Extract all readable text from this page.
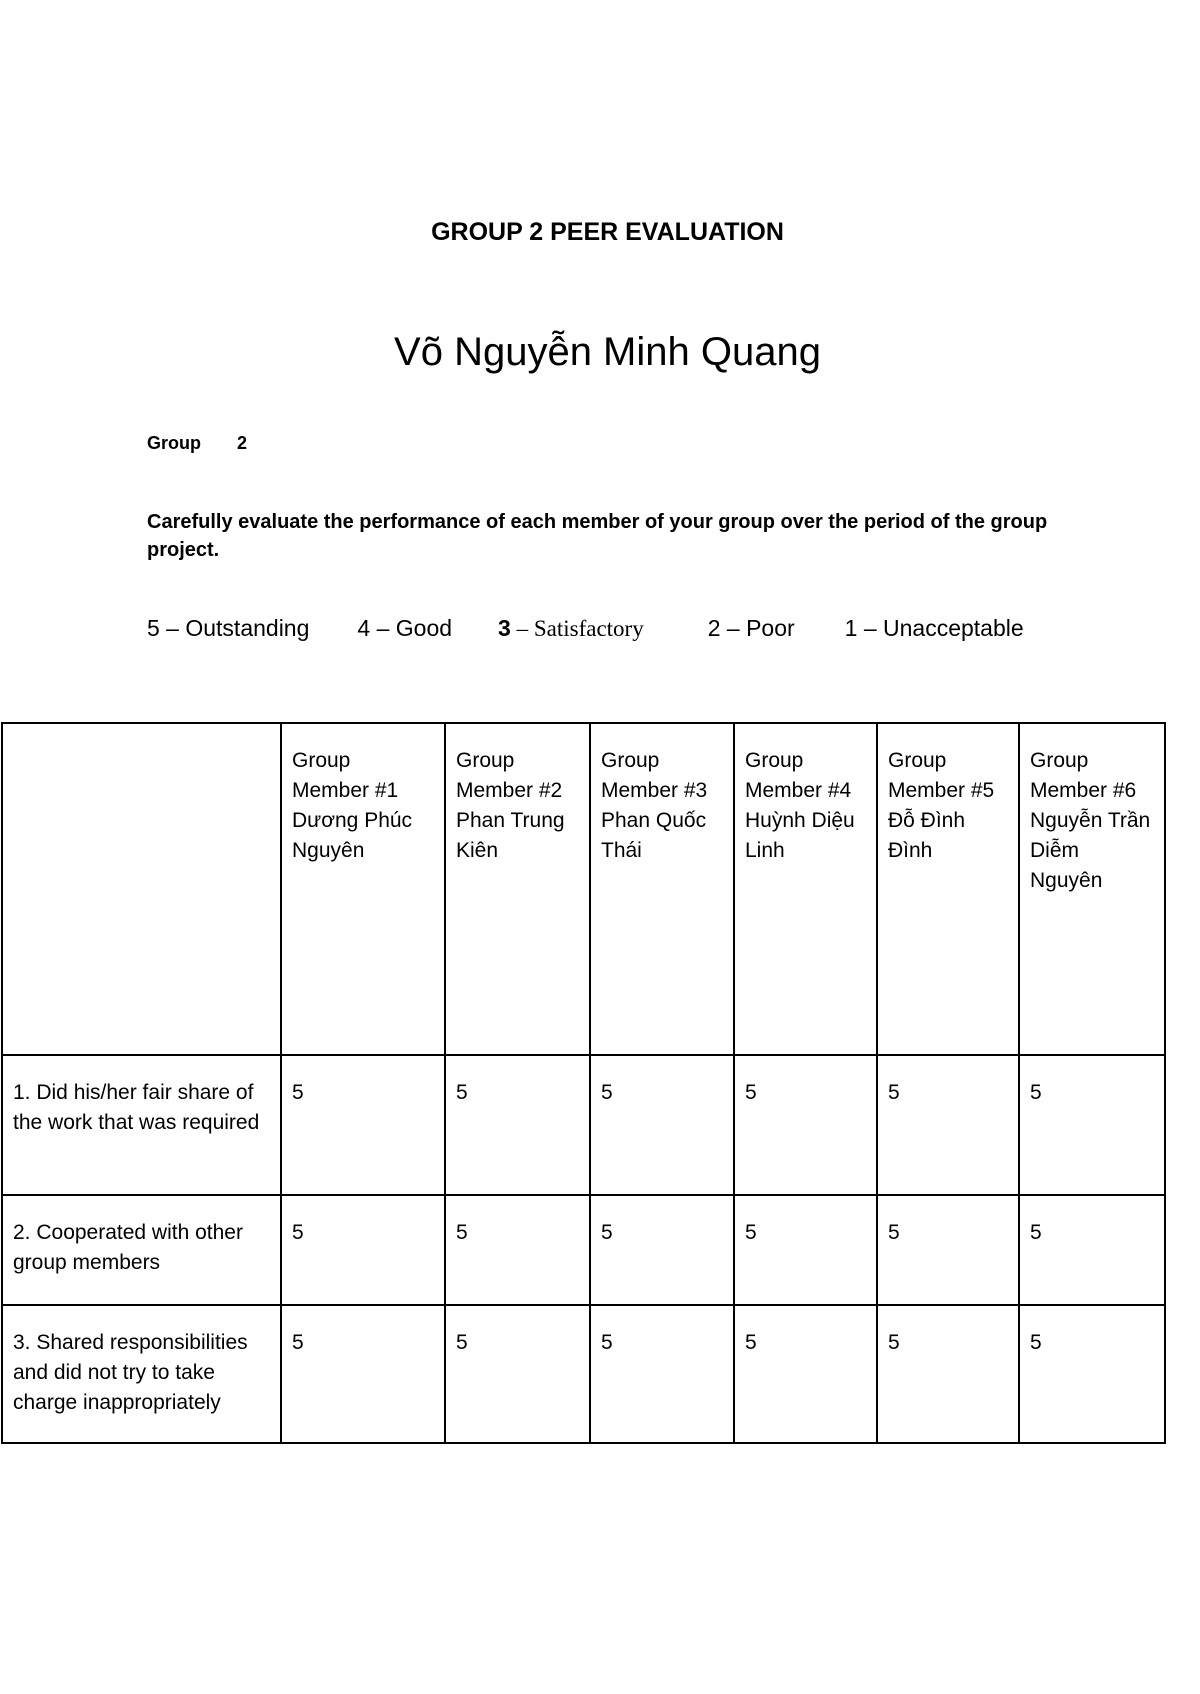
GROUP 2 PEER EVALUATION
Võ Nguyễn Minh Quang
Group 2
Carefully evaluate the performance of each member of your group over the period of the group project.
5 – Outstanding 4 – Good 3 – Satisfactory	2 – Poor 1 – Unacceptable

	Group
Member #1
Dương Phúc Nguyên	Group
Member #2
Phan Trung Kiên	Group
Member #3
Phan Quốc Thái	Group
Member #4
Huỳnh Diệu Linh	Group
Member #5
Đỗ Đình Đình	Group
Member #6
Nguyễn Trần Diễm Nguyên
1. Did his/her fair share of the work that was required	5	5	5	5	5	5
2. Cooperated with other group members	5	5	5	5	5	5
3. Shared responsibilities and did not try to take charge inappropriately	5	5	5	5	5	5
